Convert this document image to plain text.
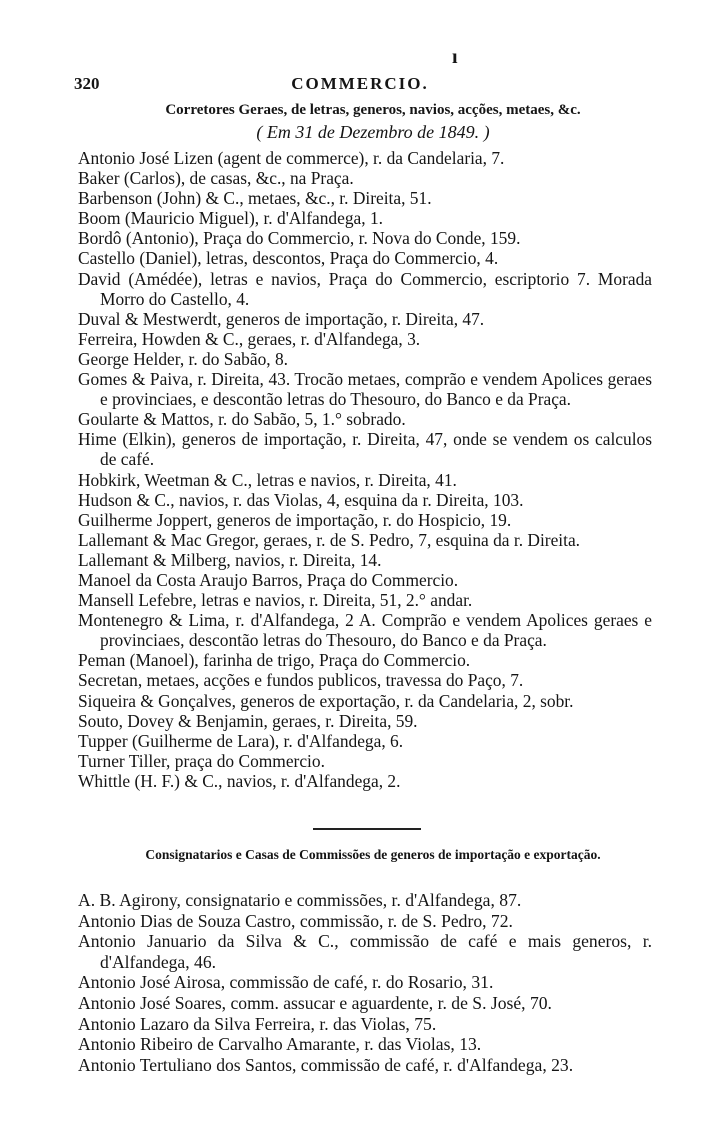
ı
320	COMMERCIO.
Corretores Geraes, de letras, generos, navios, acções, metaes, &c.
( Em 31 de Dezembro de 1849. )

Antonio José Lizen (agent de commerce), r. da Candelaria, 7.

Baker (Carlos), de casas, &c., na Praça.

Barbenson (John) & C., metaes, &c., r. Direita, 51.

Boom (Mauricio Miguel), r. d'Alfandega, 1.

Bordô (Antonio), Praça do Commercio, r. Nova do Conde, 159.

Castello (Daniel), letras, descontos, Praça do Commercio, 4.

David (Amédée), letras e navios, Praça do Commercio, escriptorio 7. Morada Morro do Castello, 4.

Duval & Mestwerdt, generos de importação, r. Direita, 47.

Ferreira, Howden & C., geraes, r. d'Alfandega, 3.

George Helder, r. do Sabão, 8.

Gomes & Paiva, r. Direita, 43. Trocão metaes, comprão e vendem Apolices geraes e provinciaes, e descontão letras do Thesouro, do Banco e da Praça.

Goularte & Mattos, r. do Sabão, 5, 1.° sobrado.

Hime (Elkin), generos de importação, r. Direita, 47, onde se vendem os calculos de café.

Hobkirk, Weetman & C., letras e navios, r. Direita, 41.

Hudson & C., navios, r. das Violas, 4, esquina da r. Direita, 103.

Guilherme Joppert, generos de importação, r. do Hospicio, 19.

Lallemant & Mac Gregor, geraes, r. de S. Pedro, 7, esquina da r. Direita.

Lallemant & Milberg, navios, r. Direita, 14.

Manoel da Costa Araujo Barros, Praça do Commercio.

Mansell Lefebre, letras e navios, r. Direita, 51, 2.° andar.

Montenegro & Lima, r. d'Alfandega, 2 A. Comprão e vendem Apolices geraes e provinciaes, descontão letras do Thesouro, do Banco e da Praça.

Peman (Manoel), farinha de trigo, Praça do Commercio.

Secretan, metaes, acções e fundos publicos, travessa do Paço, 7.

Siqueira & Gonçalves, generos de exportação, r. da Candelaria, 2, sobr.

Souto, Dovey & Benjamin, geraes, r. Direita, 59.

Tupper (Guilherme de Lara), r. d'Alfandega, 6.

Turner Tiller, praça do Commercio.

Whittle (H. F.) & C., navios, r. d'Alfandega, 2.

Consignatarios e Casas de Commissões de generos de importação e exportação.

A. B. Agirony, consignatario e commissões, r. d'Alfandega, 87.

Antonio Dias de Souza Castro, commissão, r. de S. Pedro, 72.

Antonio Januario da Silva & C., commissão de café e mais generos, r. d'Alfandega, 46.

Antonio José Airosa, commissão de café, r. do Rosario, 31.

Antonio José Soares, comm. assucar e aguardente, r. de S. José, 70.

Antonio Lazaro da Silva Ferreira, r. das Violas, 75.

Antonio Ribeiro de Carvalho Amarante, r. das Violas, 13.

Antonio Tertuliano dos Santos, commissão de café, r. d'Alfandega, 23.
